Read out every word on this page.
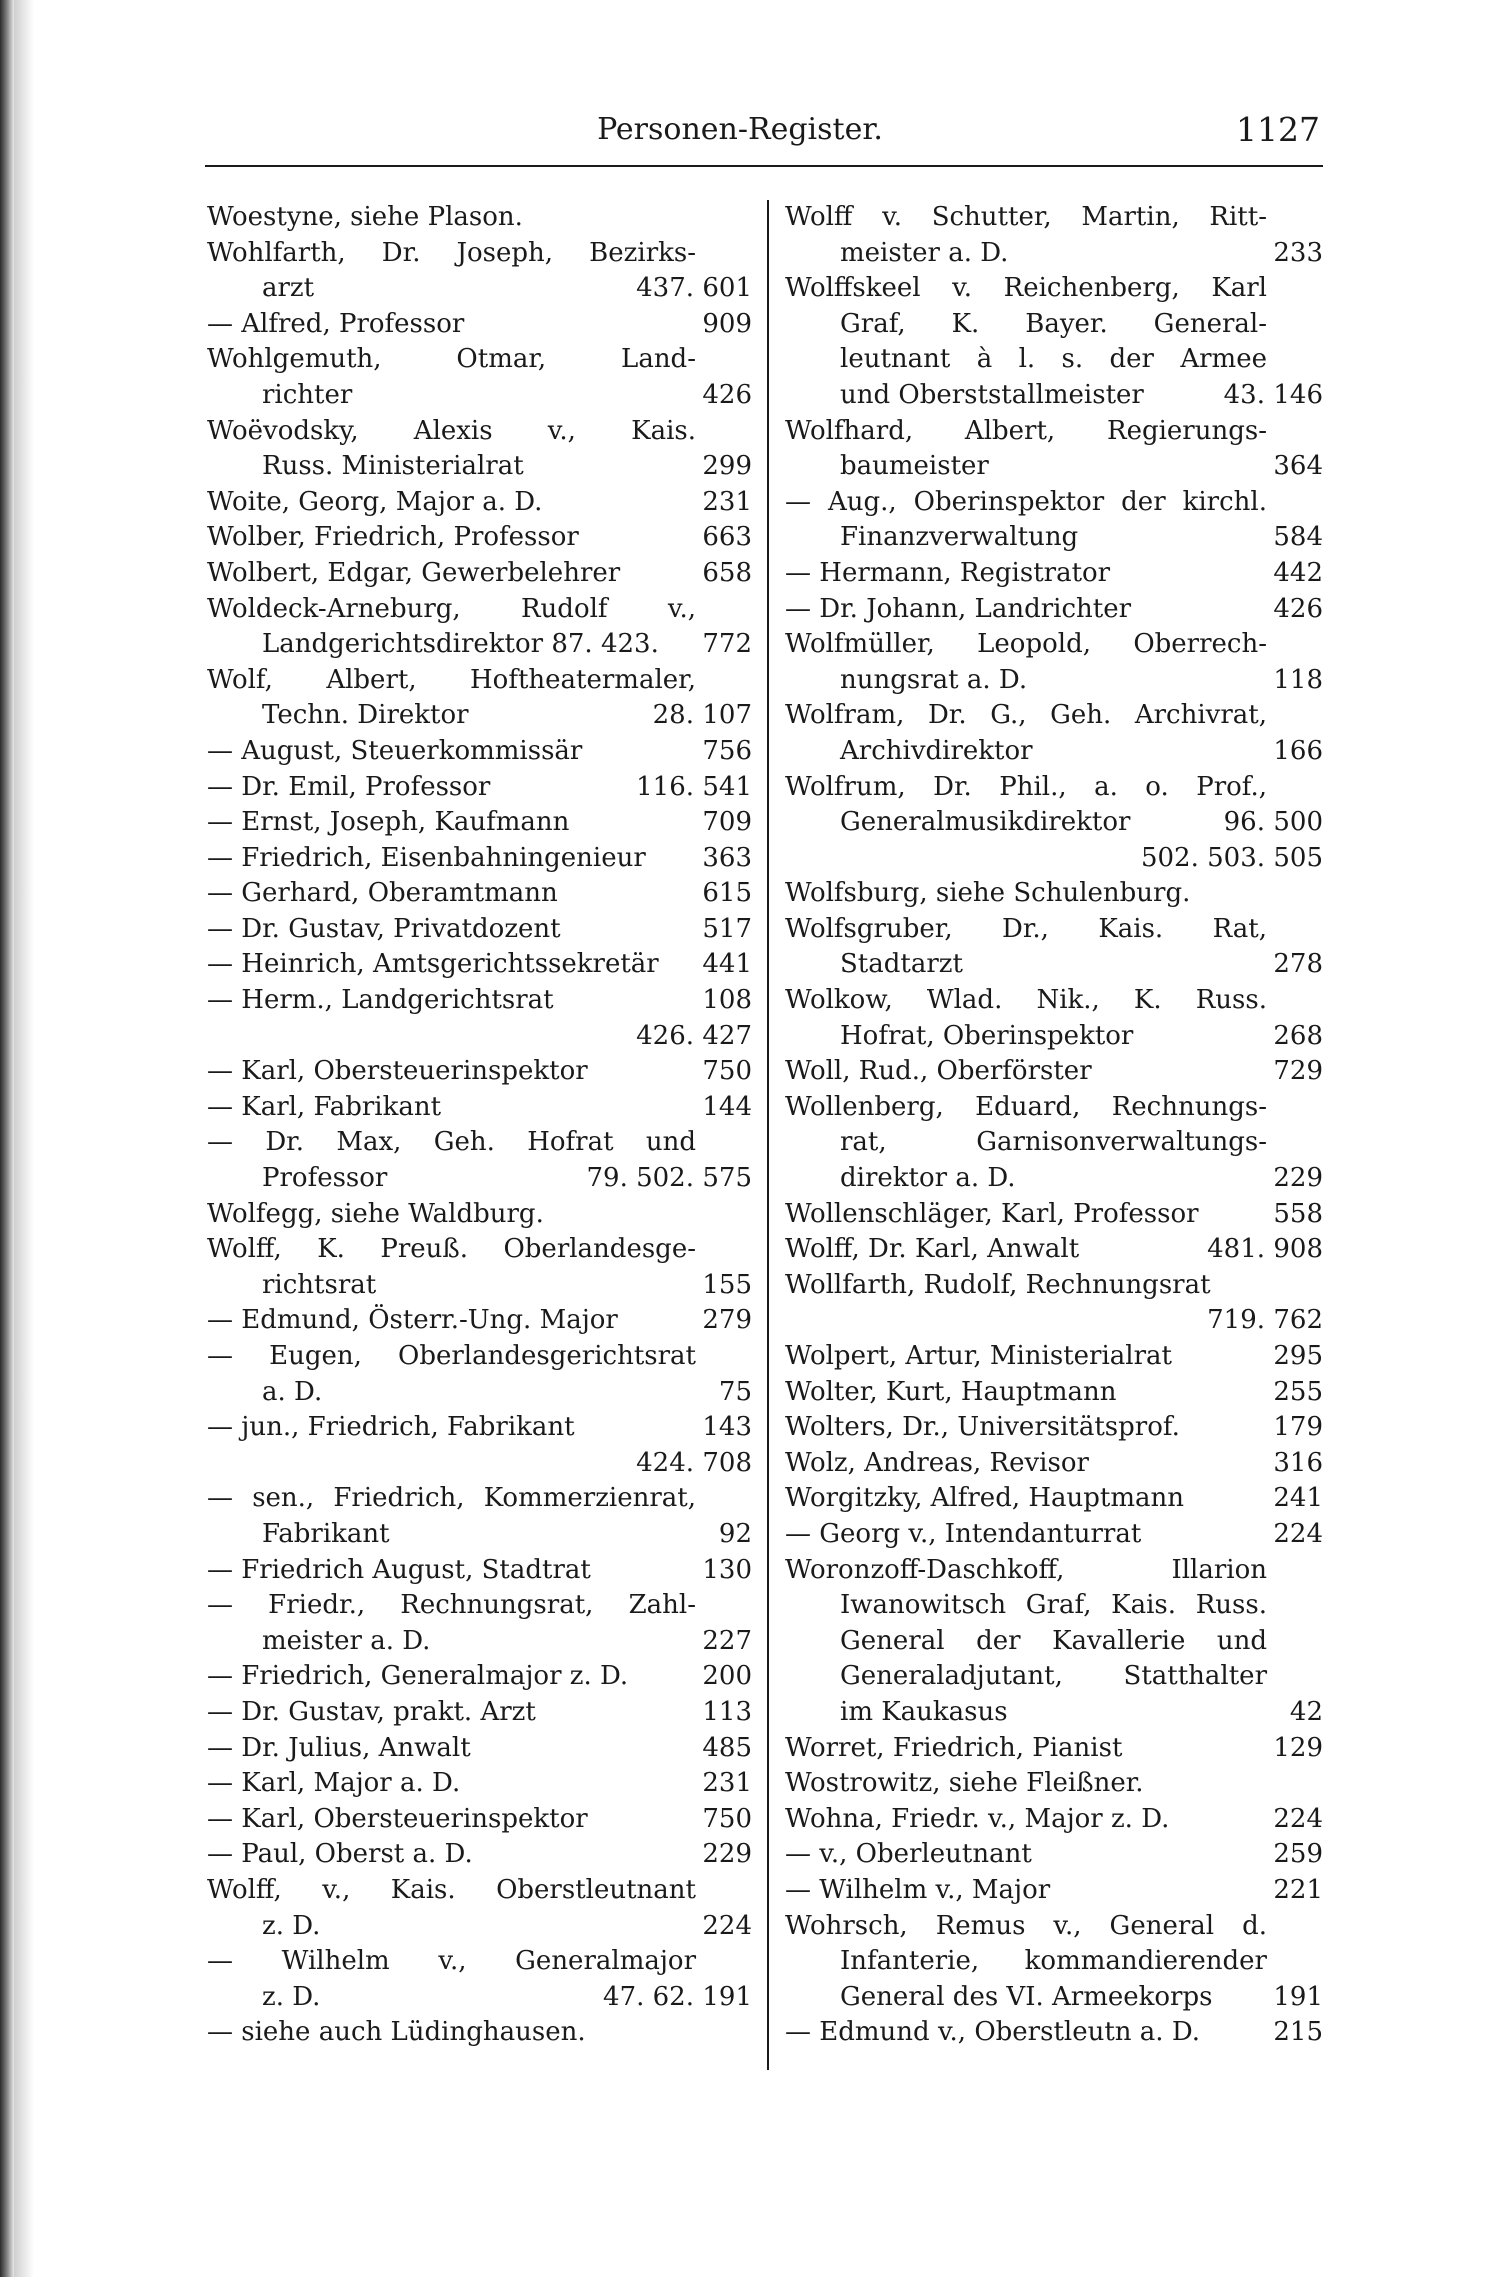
Personen-Register.	1127
Woestyne, siehe Plason.
Wohlfarth, Dr. Joseph, Bezirks-
arzt	437. 601
— Alfred, Professor	909
Wohlgemuth, Otmar, Land-
richter	426
Woëvodsky, Alexis v., Kais.
Russ. Ministerialrat	299
Woite, Georg, Major a. D.	231
Wolber, Friedrich, Professor	663
Wolbert, Edgar, Gewerbelehrer	658
Woldeck-Arneburg, Rudolf v.,
Landgerichtsdirektor 87. 423.	772
Wolf, Albert, Hoftheatermaler,
Techn. Direktor	28. 107
— August, Steuerkommissär	756
— Dr. Emil, Professor	116. 541
— Ernst, Joseph, Kaufmann	709
— Friedrich, Eisenbahningenieur	363
— Gerhard, Oberamtmann	615
— Dr. Gustav, Privatdozent	517
— Heinrich, Amtsgerichtssekretär	441
— Herm., Landgerichtsrat	108
426. 427
— Karl, Obersteuerinspektor	750
— Karl, Fabrikant	144
— Dr. Max, Geh. Hofrat und
Professor	79. 502. 575
Wolfegg, siehe Waldburg.
Wolff, K. Preuß. Oberlandesge-
richtsrat	155
— Edmund, Österr.-Ung. Major	279
— Eugen, Oberlandesgerichtsrat
a. D.	75
— jun., Friedrich, Fabrikant	143
424. 708
— sen., Friedrich, Kommerzienrat,
Fabrikant	92
— Friedrich August, Stadtrat	130
— Friedr., Rechnungsrat, Zahl-
meister a. D.	227
— Friedrich, Generalmajor z. D.	200
— Dr. Gustav, prakt. Arzt	113
— Dr. Julius, Anwalt	485
— Karl, Major a. D.	231
— Karl, Obersteuerinspektor	750
— Paul, Oberst a. D.	229
Wolff, v., Kais. Oberstleutnant
z. D.	224
— Wilhelm v., Generalmajor
z. D.	47. 62. 191
— siehe auch Lüdinghausen.
Wolff v. Schutter, Martin, Ritt-
meister a. D.	233
Wolffskeel v. Reichenberg, Karl
Graf, K. Bayer. General-
leutnant à l. s. der Armee
und Oberststallmeister	43. 146
Wolfhard, Albert, Regierungs-
baumeister	364
— Aug., Oberinspektor der kirchl.
Finanzverwaltung	584
— Hermann, Registrator	442
— Dr. Johann, Landrichter	426
Wolfmüller, Leopold, Oberrech-
nungsrat a. D.	118
Wolfram, Dr. G., Geh. Archivrat,
Archivdirektor	166
Wolfrum, Dr. Phil., a. o. Prof.,
Generalmusikdirektor	96. 500
502. 503. 505
Wolfsburg, siehe Schulenburg.
Wolfsgruber, Dr., Kais. Rat,
Stadtarzt	278
Wolkow, Wlad. Nik., K. Russ.
Hofrat, Oberinspektor	268
Woll, Rud., Oberförster	729
Wollenberg, Eduard, Rechnungs-
rat, Garnisonverwaltungs-
direktor a. D.	229
Wollenschläger, Karl, Professor	558
Wolff, Dr. Karl, Anwalt	481. 908
Wollfarth, Rudolf, Rechnungsrat
719. 762
Wolpert, Artur, Ministerialrat	295
Wolter, Kurt, Hauptmann	255
Wolters, Dr., Universitätsprof.	179
Wolz, Andreas, Revisor	316
Worgitzky, Alfred, Hauptmann	241
— Georg v., Intendanturrat	224
Woronzoff-Daschkoff, Illarion
Iwanowitsch Graf, Kais. Russ.
General der Kavallerie und
Generaladjutant, Statthalter
im Kaukasus	42
Worret, Friedrich, Pianist	129
Wostrowitz, siehe Fleißner.
Wohna, Friedr. v., Major z. D.	224
— v., Oberleutnant	259
— Wilhelm v., Major	221
Wohrsch, Remus v., General d.
Infanterie, kommandierender
General des VI. Armeekorps	191
— Edmund v., Oberstleutn a. D.	215
